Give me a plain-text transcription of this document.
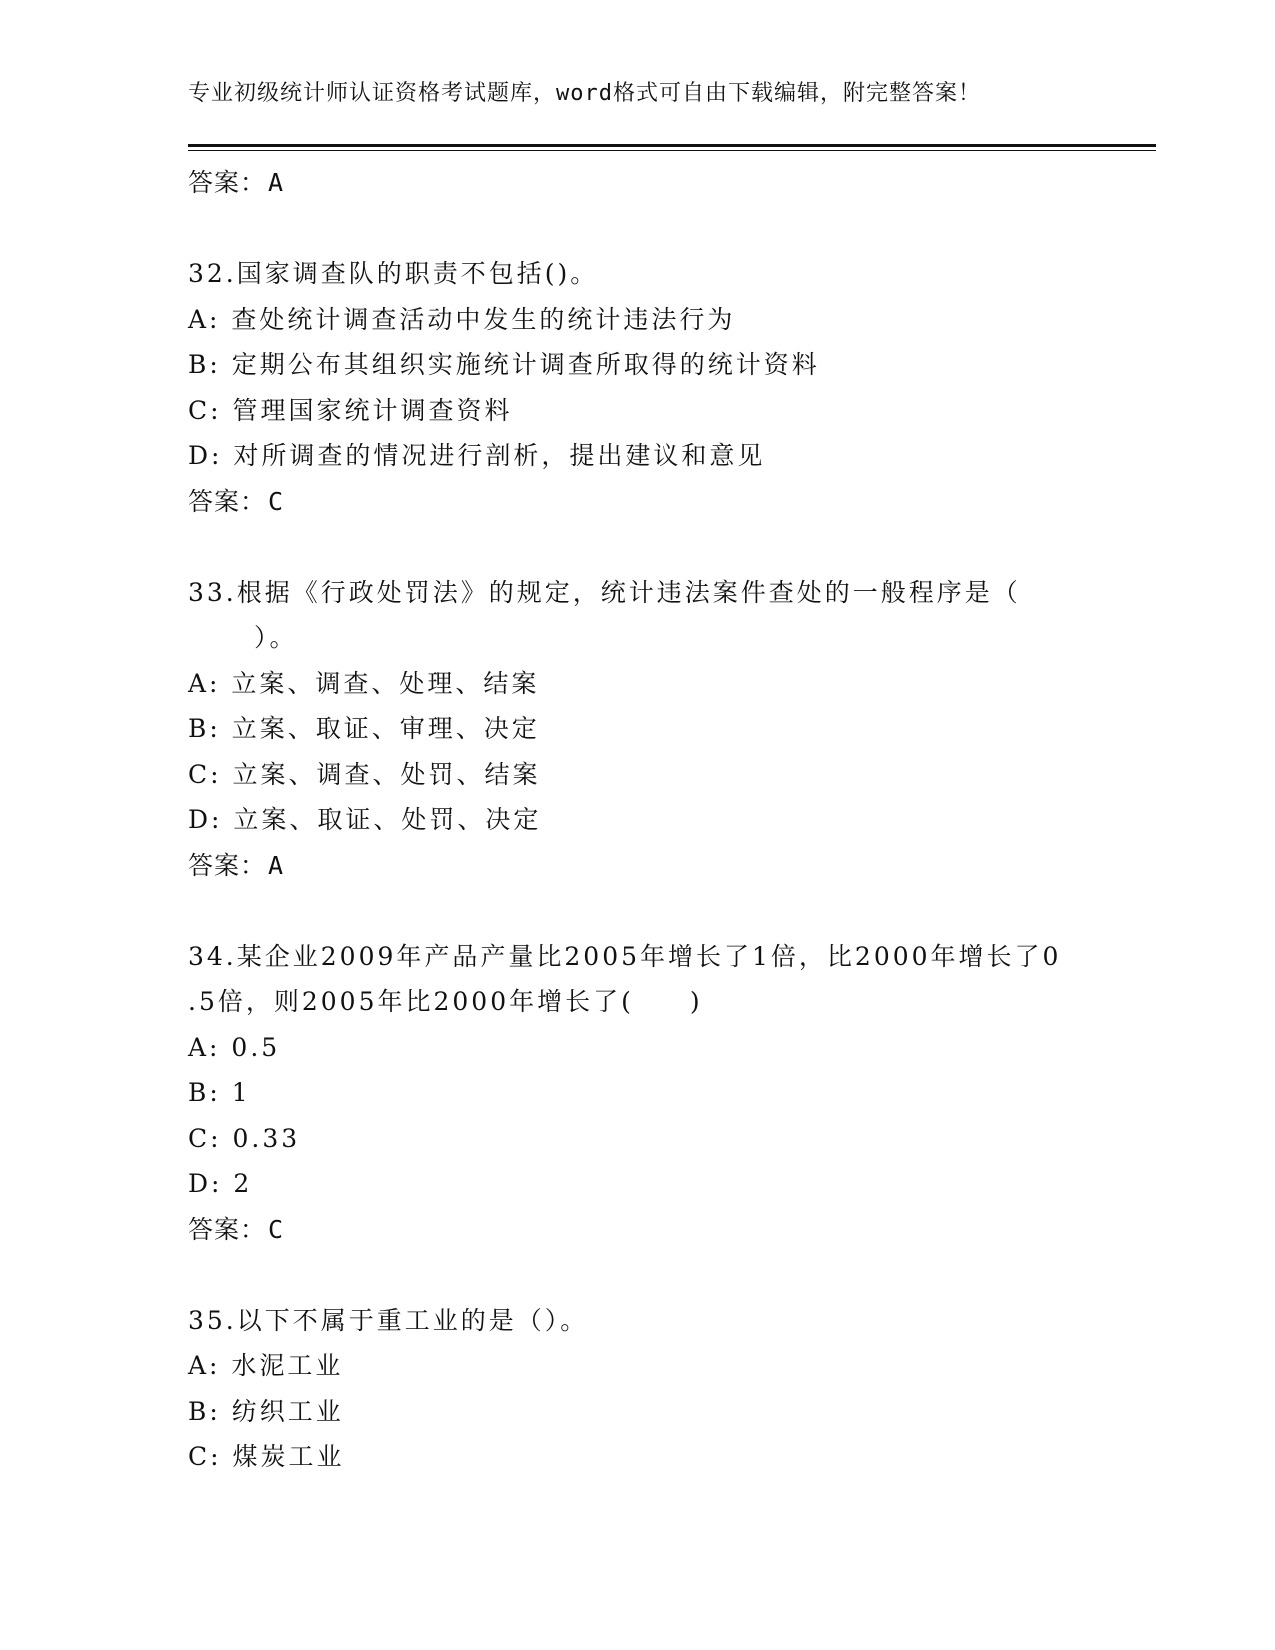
专业初级统计师认证资格考试题库，word格式可自由下载编辑，附完整答案！
答案：A
32.国家调查队的职责不包括()。
A: 查处统计调查活动中发生的统计违法行为
B: 定期公布其组织实施统计调查所取得的统计资料
C: 管理国家统计调查资料
D: 对所调查的情况进行剖析，提出建议和意见
答案：C
33.根据《行政处罚法》的规定，统计违法案件查处的一般程序是（
）。
A: 立案、调查、处理、结案
B: 立案、取证、审理、决定
C: 立案、调查、处罚、结案
D: 立案、取证、处罚、决定
答案：A
34.某企业2009年产品产量比2005年增长了1倍，比2000年增长了0
.5倍，则2005年比2000年增长了(　　)
A: 0.5
B: 1
C: 0.33
D: 2
答案：C
35.以下不属于重工业的是（）。
A: 水泥工业
B: 纺织工业
C: 煤炭工业
